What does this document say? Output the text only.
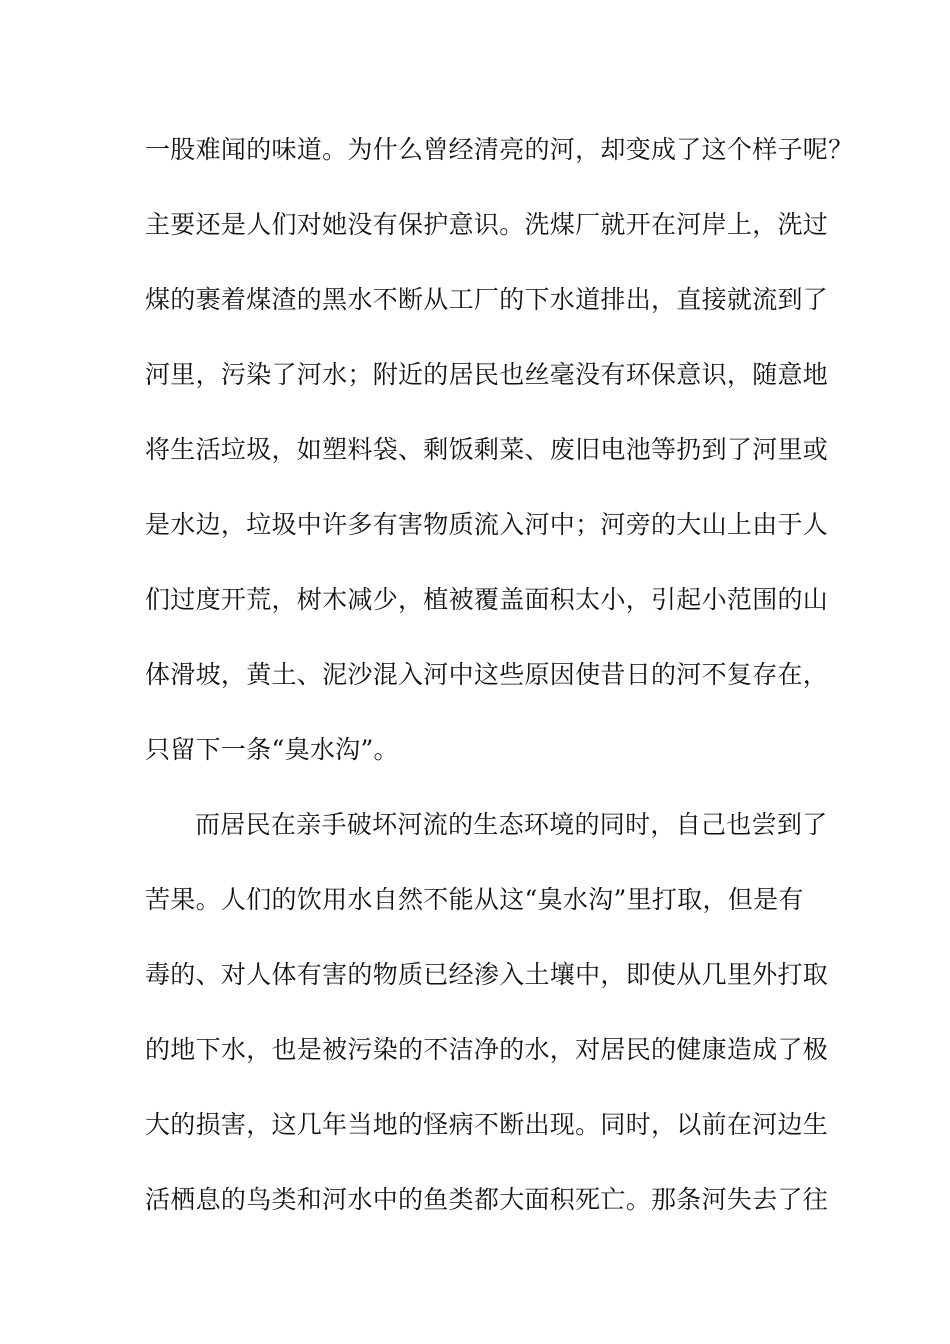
一股难闻的味道。为什么曾经清亮的河，却变成了这个样子呢？
主要还是人们对她没有保护意识。洗煤厂就开在河岸上，洗过
煤的裹着煤渣的黑水不断从工厂的下水道排出，直接就流到了
河里，污染了河水；附近的居民也丝毫没有环保意识，随意地
将生活垃圾，如塑料袋、剩饭剩菜、废旧电池等扔到了河里或
是水边，垃圾中许多有害物质流入河中；河旁的大山上由于人
们过度开荒，树木减少，植被覆盖面积太小，引起小范围的山
体滑坡，黄土、泥沙混入河中这些原因使昔日的河不复存在，
只留下一条“臭水沟”。
而居民在亲手破坏河流的生态环境的同时，自己也尝到了
苦果。人们的饮用水自然不能从这“臭水沟”里打取，但是有
毒的、对人体有害的物质已经渗入土壤中，即使从几里外打取
的地下水，也是被污染的不洁净的水，对居民的健康造成了极
大的损害，这几年当地的怪病不断出现。同时，以前在河边生
活栖息的鸟类和河水中的鱼类都大面积死亡。那条河失去了往
